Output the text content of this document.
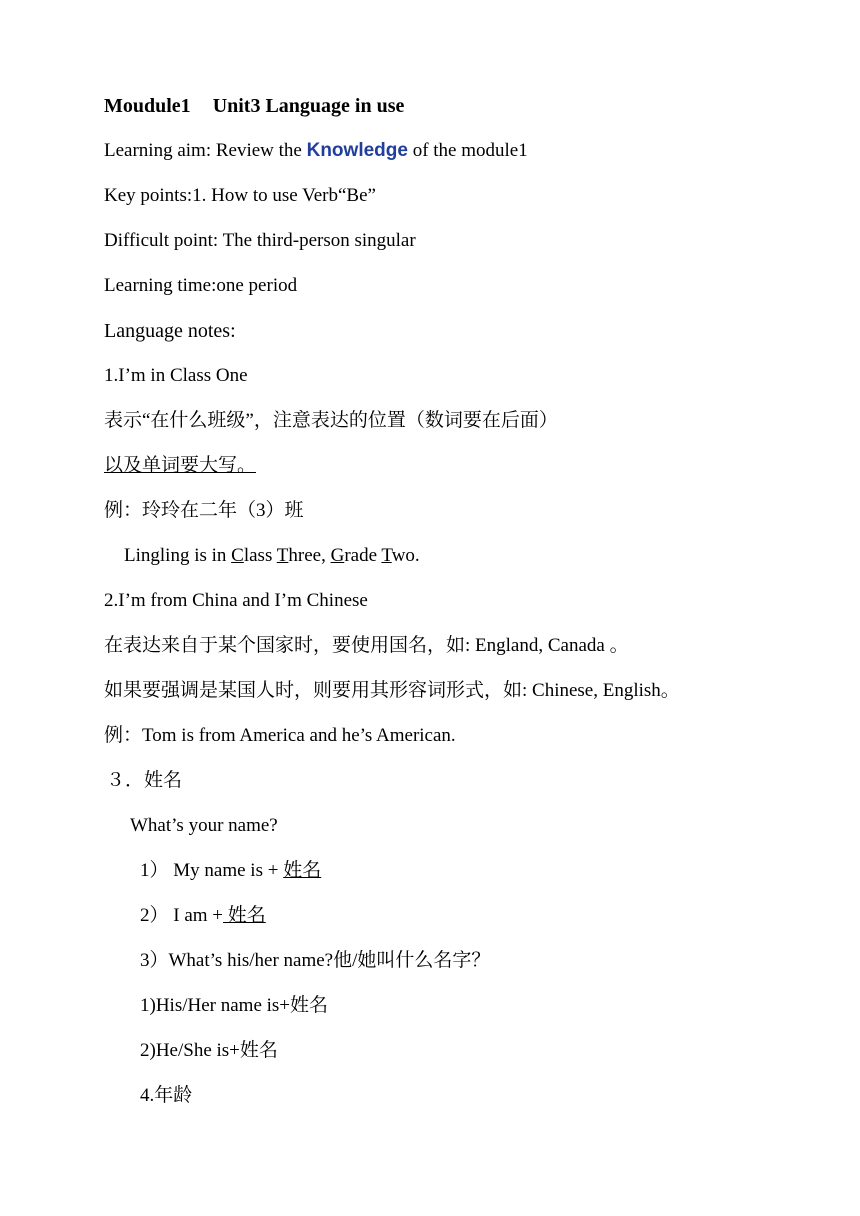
Moudule1 Unit3 Language in use
Learning aim: Review the Knowledge of the module1
Key points:1. How to use Verb“Be”
Difficult point: The third-person singular
Learning time:one period
Language notes:
1.I’m in Class One
表示“在什么班级”，注意表达的位置（数词要在后面）
以及单词要大写。
例：玲玲在二年（3）班
Lingling is in Class Three, Grade Two.
2.I’m from China and I’m Chinese
在表达来自于某个国家时，要使用国名，如: England, Canada 。
如果要强调是某国人时，则要用其形容词形式，如: Chinese, English。
例：Tom is from America and he’s American.
３．姓名
What’s your name?
1） My name is + 姓名
2） I am + 姓名
3）What’s his/her name?他/她叫什么名字？
1)His/Her name is+姓名
2)He/She is+姓名
4.年龄
